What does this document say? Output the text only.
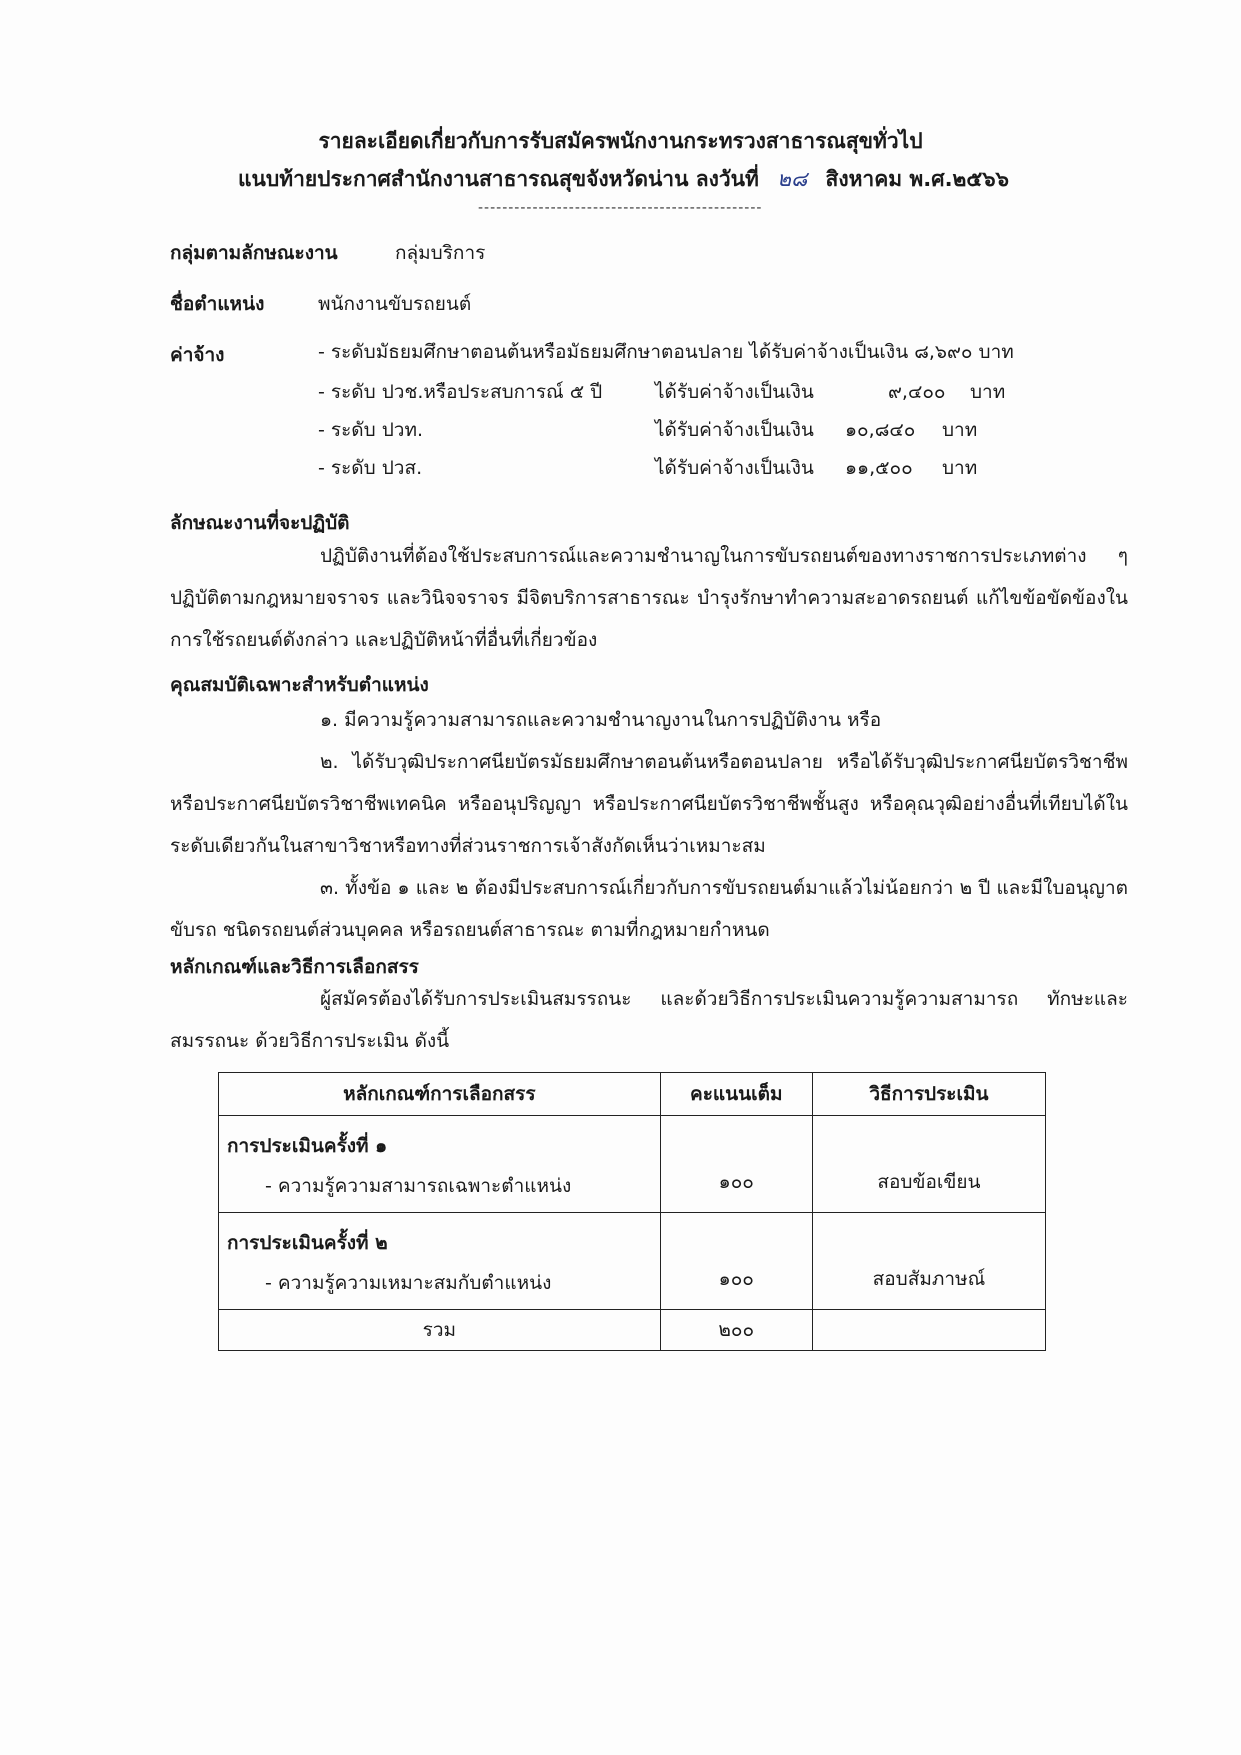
รายละเอียดเกี่ยวกับการรับสมัครพนักงานกระทรวงสาธารณสุขทั่วไป
แนบท้ายประกาศสำนักงานสาธารณสุขจังหวัดน่าน ลงวันที่ ๒๘ สิงหาคม พ.ศ.๒๕๖๖
-----------------------------------------------
กลุ่มตามลักษณะงาน	กลุ่มบริการ
ชื่อตำแหน่ง	พนักงานขับรถยนต์
ค่าจ้าง	- ระดับมัธยมศึกษาตอนต้นหรือมัธยมศึกษาตอนปลาย ได้รับค่าจ้างเป็นเงิน ๘,๖๙๐ บาท
- ระดับ ปวช.หรือประสบการณ์ ๕ ปี	ได้รับค่าจ้างเป็นเงิน	๙,๔๐๐ บาท
- ระดับ ปวท.	ได้รับค่าจ้างเป็นเงิน ๑๐,๘๔๐ บาท
- ระดับ ปวส.	ได้รับค่าจ้างเป็นเงิน ๑๑,๕๐๐ บาท
ลักษณะงานที่จะปฏิบัติ
ปฏิบัติงานที่ต้องใช้ประสบการณ์และความชำนาญในการขับรถยนต์ของทางราชการประเภทต่าง ๆ ปฏิบัติตามกฎหมายจราจร และวินิจจราจร มีจิตบริการสาธารณะ บำรุงรักษาทำความสะอาดรถยนต์ แก้ไขข้อขัดข้องในการใช้รถยนต์ดังกล่าว และปฏิบัติหน้าที่อื่นที่เกี่ยวข้อง
คุณสมบัติเฉพาะสำหรับตำแหน่ง
๑. มีความรู้ความสามารถและความชำนาญงานในการปฏิบัติงาน หรือ
๒. ได้รับวุฒิประกาศนียบัตรมัธยมศึกษาตอนต้นหรือตอนปลาย หรือได้รับวุฒิประกาศนียบัตรวิชาชีพ หรือประกาศนียบัตรวิชาชีพเทคนิค หรืออนุปริญญา หรือประกาศนียบัตรวิชาชีพชั้นสูง หรือคุณวุฒิอย่างอื่นที่เทียบได้ในระดับเดียวกันในสาขาวิชาหรือทางที่ส่วนราชการเจ้าสังกัดเห็นว่าเหมาะสม
๓. ทั้งข้อ ๑ และ ๒ ต้องมีประสบการณ์เกี่ยวกับการขับรถยนต์มาแล้วไม่น้อยกว่า ๒ ปี และมีใบอนุญาตขับรถ ชนิดรถยนต์ส่วนบุคคล หรือรถยนต์สาธารณะ ตามที่กฎหมายกำหนด
หลักเกณฑ์และวิธีการเลือกสรร
ผู้สมัครต้องได้รับการประเมินสมรรถนะ และด้วยวิธีการประเมินความรู้ความสามารถ ทักษะและสมรรถนะ ด้วยวิธีการประเมิน ดังนี้
หลักเกณฑ์การเลือกสรร	คะแนนเต็ม	วิธีการประเมิน

การประเมินครั้งที่ ๑
- ความรู้ความสามารถเฉพาะตำแหน่ง	๑๐๐	สอบข้อเขียน

การประเมินครั้งที่ ๒
- ความรู้ความเหมาะสมกับตำแหน่ง	๑๐๐	สอบสัมภาษณ์

รวม	๒๐๐	
